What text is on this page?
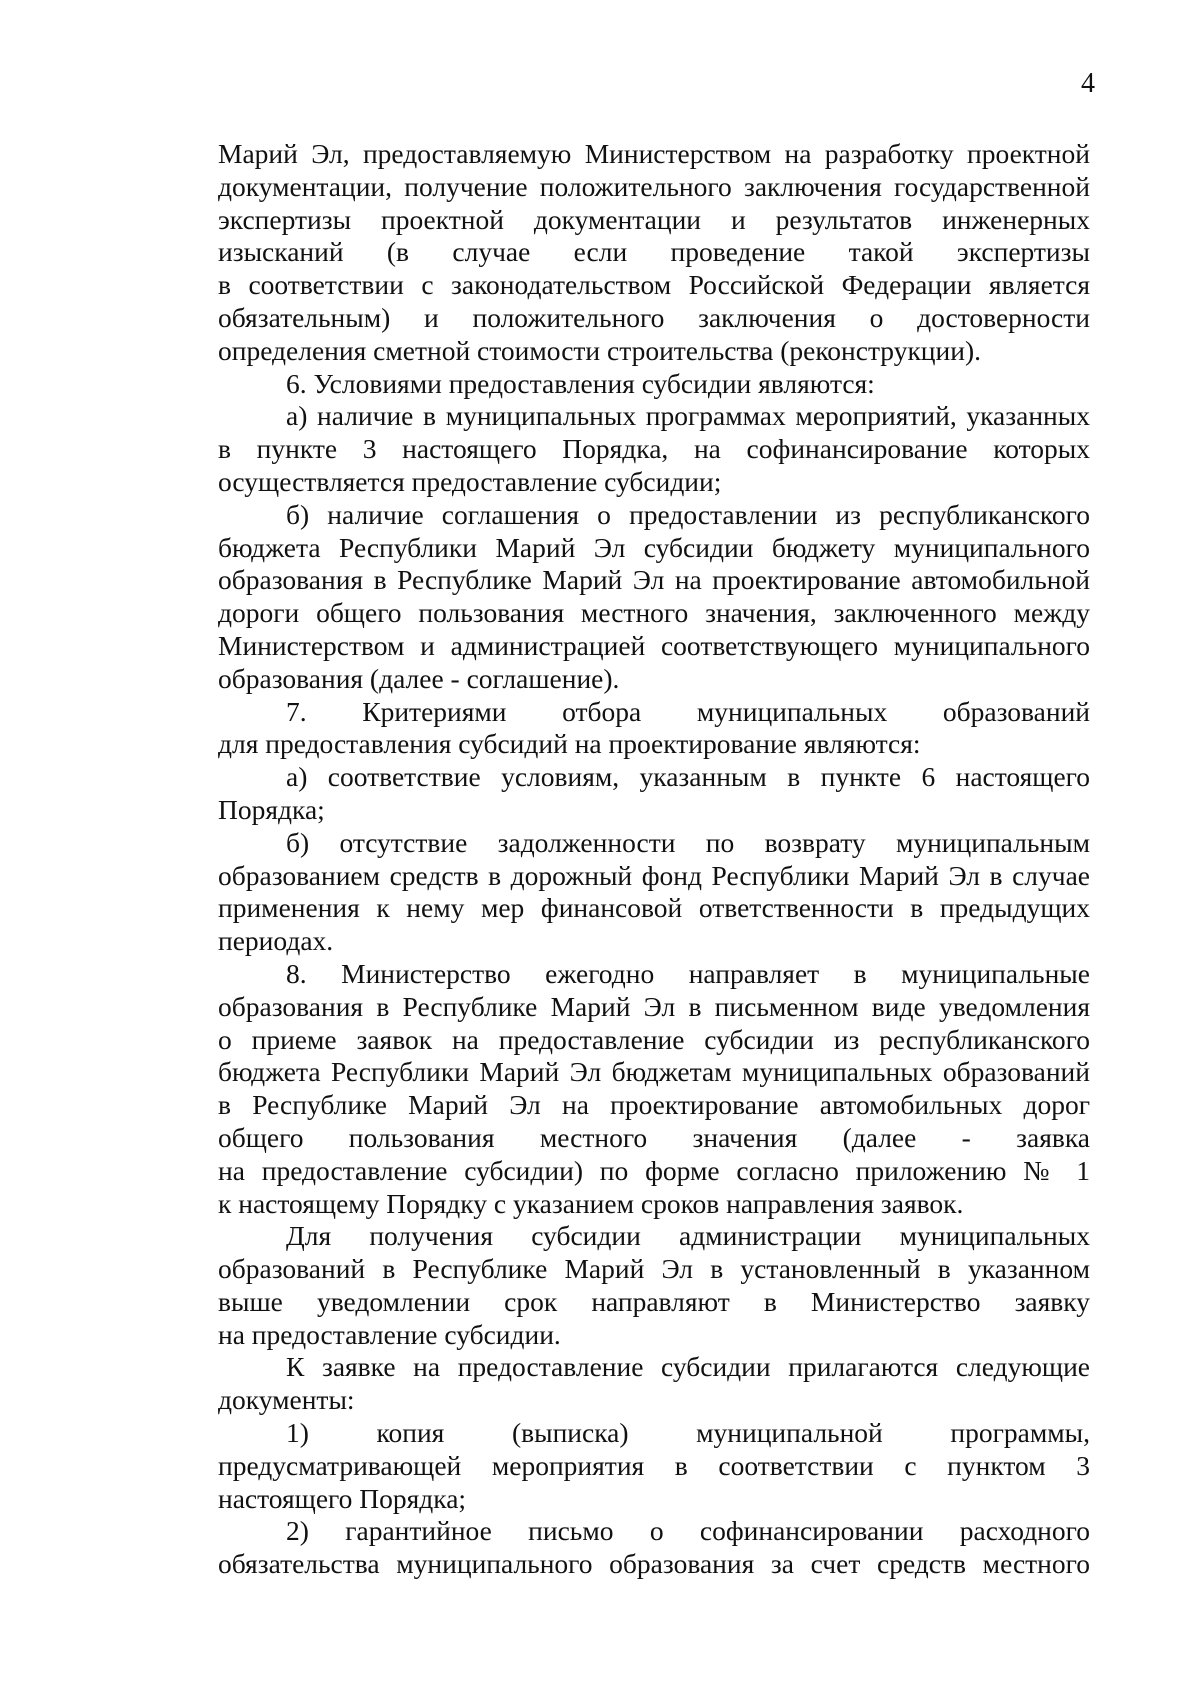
4

Марий Эл, предоставляемую Министерством на разработку проектной
документации, получение положительного заключения государственной
экспертизы проектной документации и результатов инженерных
изысканий (в случае если проведение такой экспертизы
в соответствии с законодательством Российской Федерации является
обязательным) и положительного заключения о достоверности
определения сметной стоимости строительства (реконструкции).
6. Условиями предоставления субсидии являются:
а) наличие в муниципальных программах мероприятий, указанных
в пункте 3 настоящего Порядка, на софинансирование которых
осуществляется предоставление субсидии;
б) наличие соглашения о предоставлении из республиканского
бюджета Республики Марий Эл субсидии бюджету муниципального
образования в Республике Марий Эл на проектирование автомобильной
дороги общего пользования местного значения, заключенного между
Министерством и администрацией соответствующего муниципального
образования (далее - соглашение).
7. Критериями отбора муниципальных образований
для предоставления субсидий на проектирование являются:
а) соответствие условиям, указанным в пункте 6 настоящего
Порядка;
б) отсутствие задолженности по возврату муниципальным
образованием средств в дорожный фонд Республики Марий Эл в случае
применения к нему мер финансовой ответственности в предыдущих
периодах.
8. Министерство ежегодно направляет в муниципальные
образования в Республике Марий Эл в письменном виде уведомления
о приеме заявок на предоставление субсидии из республиканского
бюджета Республики Марий Эл бюджетам муниципальных образований
в Республике Марий Эл на проектирование автомобильных дорог
общего пользования местного значения (далее - заявка
на предоставление субсидии) по форме согласно приложению № 1
к настоящему Порядку с указанием сроков направления заявок.
Для получения субсидии администрации муниципальных
образований в Республике Марий Эл в установленный в указанном
выше уведомлении срок направляют в Министерство заявку
на предоставление субсидии.
К заявке на предоставление субсидии прилагаются следующие
документы:
1) копия (выписка) муниципальной программы,
предусматривающей мероприятия в соответствии с пунктом 3
настоящего Порядка;
2) гарантийное письмо о софинансировании расходного
обязательства муниципального образования за счет средств местного
